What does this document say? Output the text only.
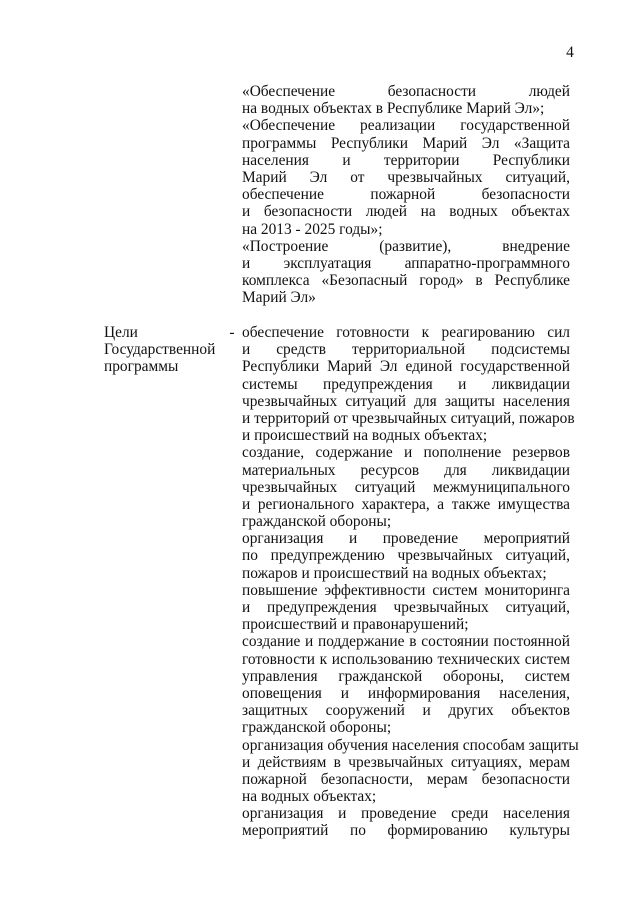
4
«Обеспечение безопасности людей
на водных объектах в Республике Марий Эл»;
«Обеспечение реализации государственной
программы Республики Марий Эл «Защита
населения и территории Республики
Марий Эл от чрезвычайных ситуаций,
обеспечение пожарной безопасности
и безопасности людей на водных объектах
на 2013 - 2025 годы»;
«Построение (развитие), внедрение
и эксплуатация аппаратно-программного
комплекса «Безопасный город» в Республике
Марий Эл»
Цели
Государственной
программы
- обеспечение готовности к реагированию сил
и средств территориальной подсистемы
Республики Марий Эл единой государственной
системы предупреждения и ликвидации
чрезвычайных ситуаций для защиты населения
и территорий от чрезвычайных ситуаций, пожаров
и происшествий на водных объектах;
создание, содержание и пополнение резервов
материальных ресурсов для ликвидации
чрезвычайных ситуаций межмуниципального
и регионального характера, а также имущества
гражданской обороны;
организация и проведение мероприятий
по предупреждению чрезвычайных ситуаций,
пожаров и происшествий на водных объектах;
повышение эффективности систем мониторинга
и предупреждения чрезвычайных ситуаций,
происшествий и правонарушений;
создание и поддержание в состоянии постоянной
готовности к использованию технических систем
управления гражданской обороны, систем
оповещения и информирования населения,
защитных сооружений и других объектов
гражданской обороны;
организация обучения населения способам защиты
и действиям в чрезвычайных ситуациях, мерам
пожарной безопасности, мерам безопасности
на водных объектах;
организация и проведение среди населения
мероприятий по формированию культуры
